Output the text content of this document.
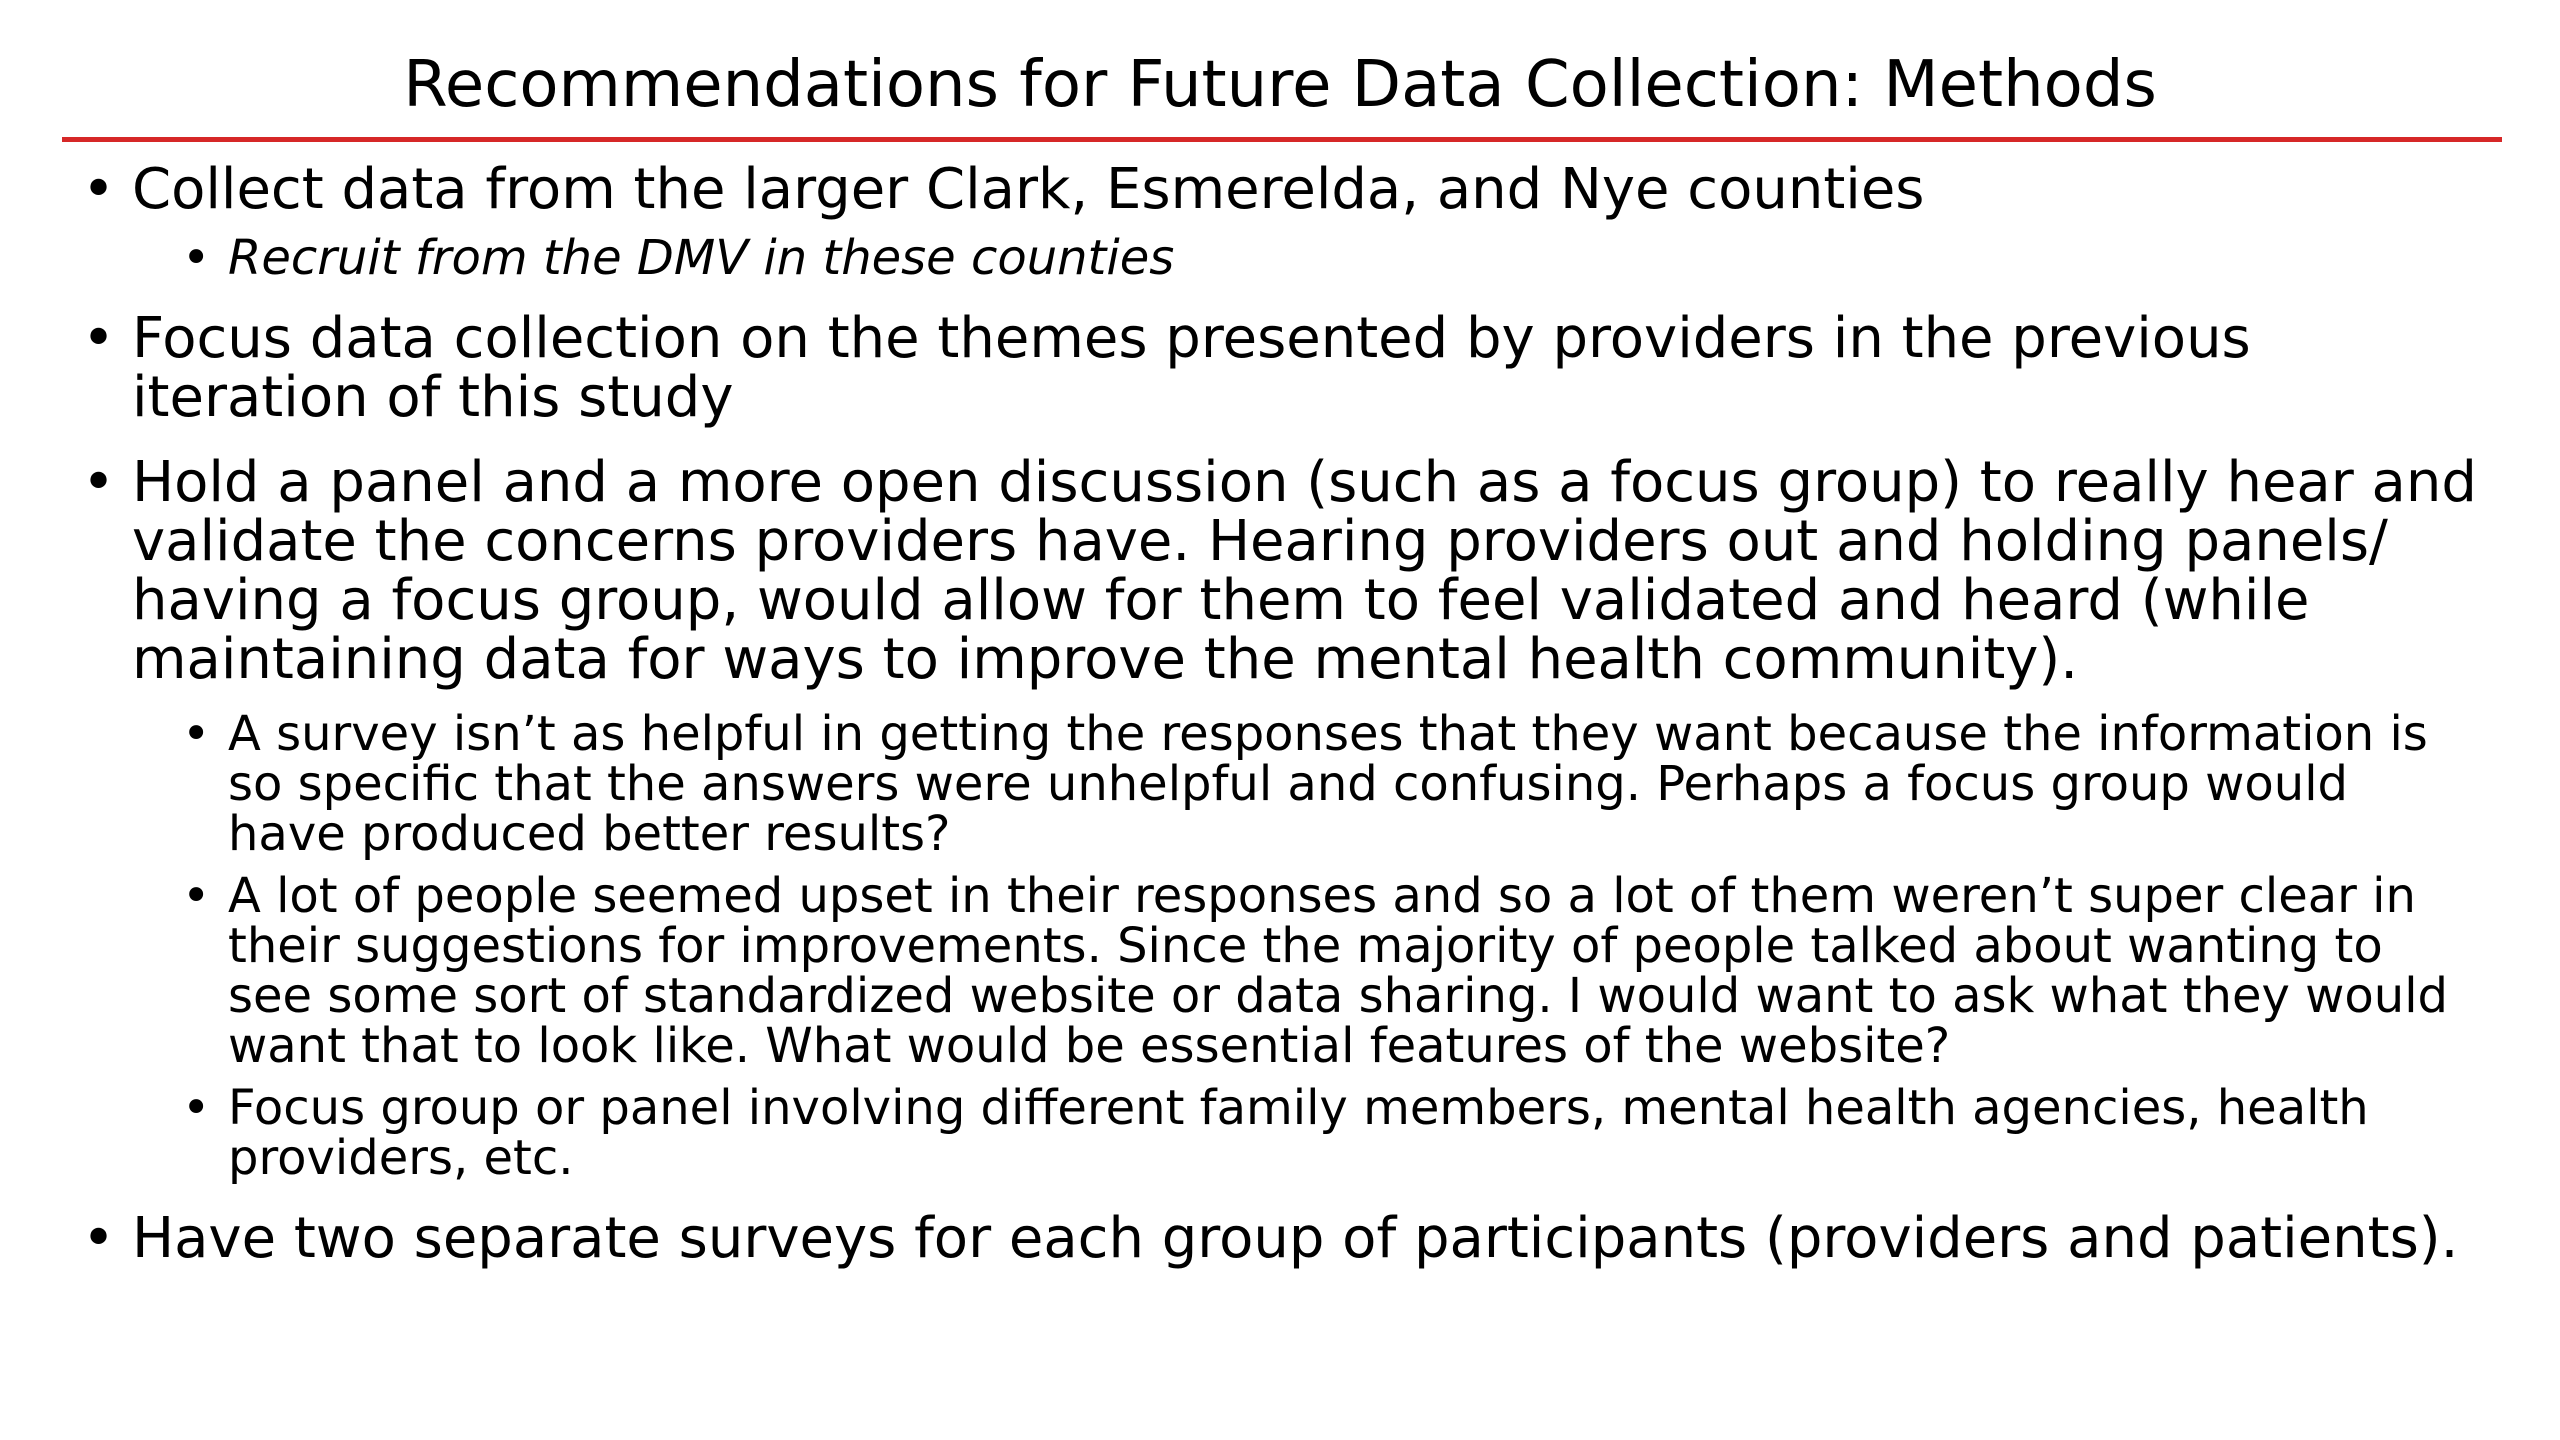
Recommendations for Future Data Collection: Methods
• Collect data from the larger Clark, Esmerelda, and Nye counties
• Recruit from the DMV in these counties
• Focus data collection on the themes presented by providers in the previous iteration of this study
• Hold a panel and a more open discussion (such as a focus group) to really hear and validate the concerns providers have. Hearing providers out and holding panels/ having a focus group, would allow for them to feel validated and heard (while maintaining data for ways to improve the mental health community).
• A survey isn’t as helpful in getting the responses that they want because the information is so specific that the answers were unhelpful and confusing. Perhaps a focus group would have produced better results?
• A lot of people seemed upset in their responses and so a lot of them weren’t super clear in their suggestions for improvements. Since the majority of people talked about wanting to see some sort of standardized website or data sharing. I would want to ask what they would want that to look like. What would be essential features of the website?
• Focus group or panel involving different family members, mental health agencies, health providers, etc.
• Have two separate surveys for each group of participants (providers and patients).
